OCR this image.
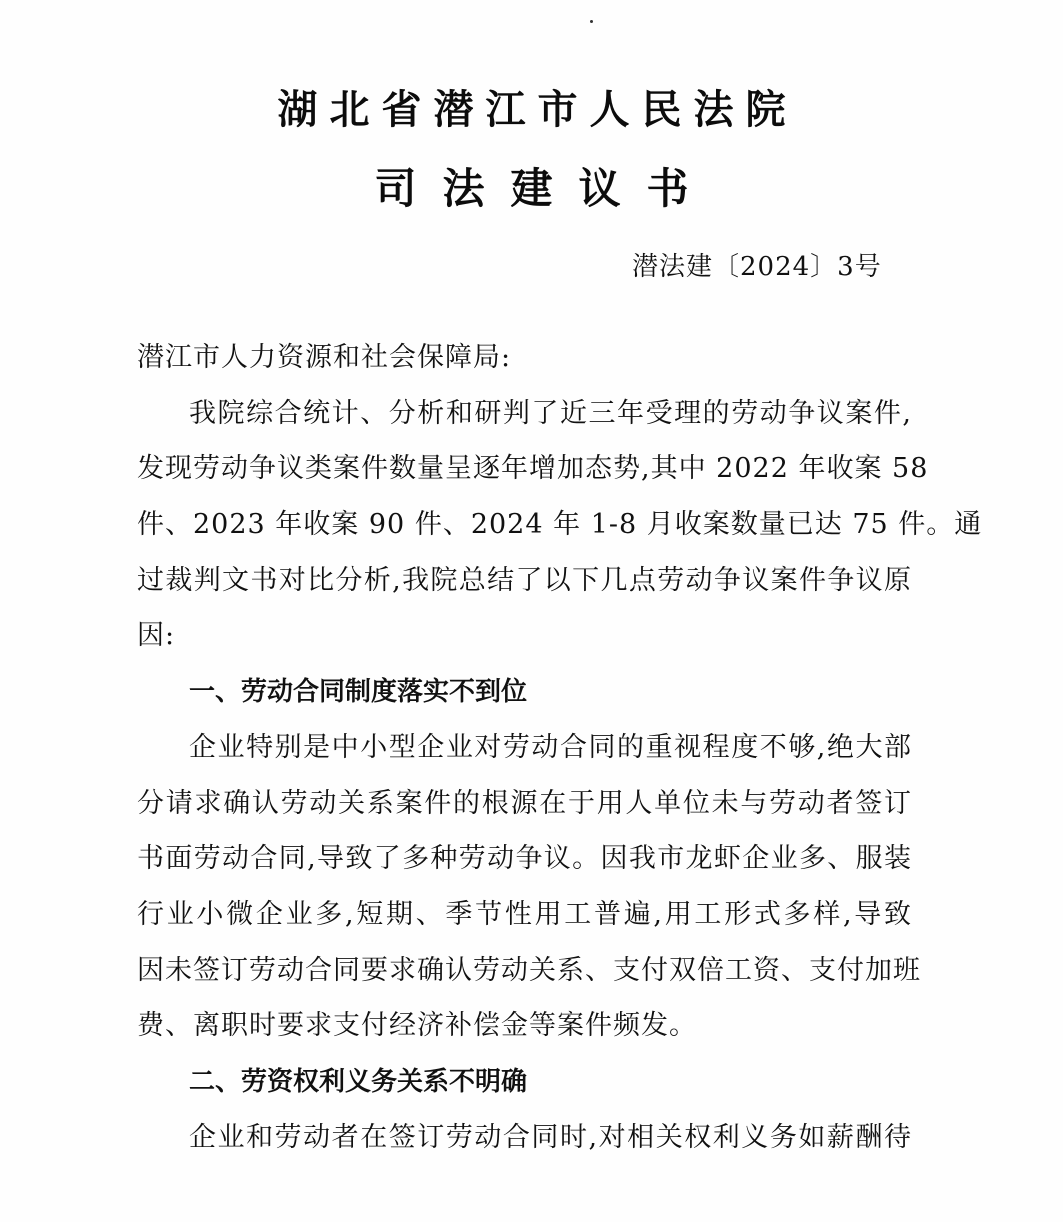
湖北省潜江市人民法院
司法建议书
潜法建〔2024〕3号
潜江市人力资源和社会保障局:
我院综合统计、分析和研判了近三年受理的劳动争议案件,
发现劳动争议类案件数量呈逐年增加态势,其中 2022 年收案 58
件、2023 年收案 90 件、2024 年 1-8 月收案数量已达 75 件。通
过裁判文书对比分析,我院总结了以下几点劳动争议案件争议原
因:
一、劳动合同制度落实不到位
企业特别是中小型企业对劳动合同的重视程度不够,绝大部
分请求确认劳动关系案件的根源在于用人单位未与劳动者签订
书面劳动合同,导致了多种劳动争议。因我市龙虾企业多、服装
行业小微企业多,短期、季节性用工普遍,用工形式多样,导致
因未签订劳动合同要求确认劳动关系、支付双倍工资、支付加班
费、离职时要求支付经济补偿金等案件频发。
二、劳资权利义务关系不明确
企业和劳动者在签订劳动合同时,对相关权利义务如薪酬待
